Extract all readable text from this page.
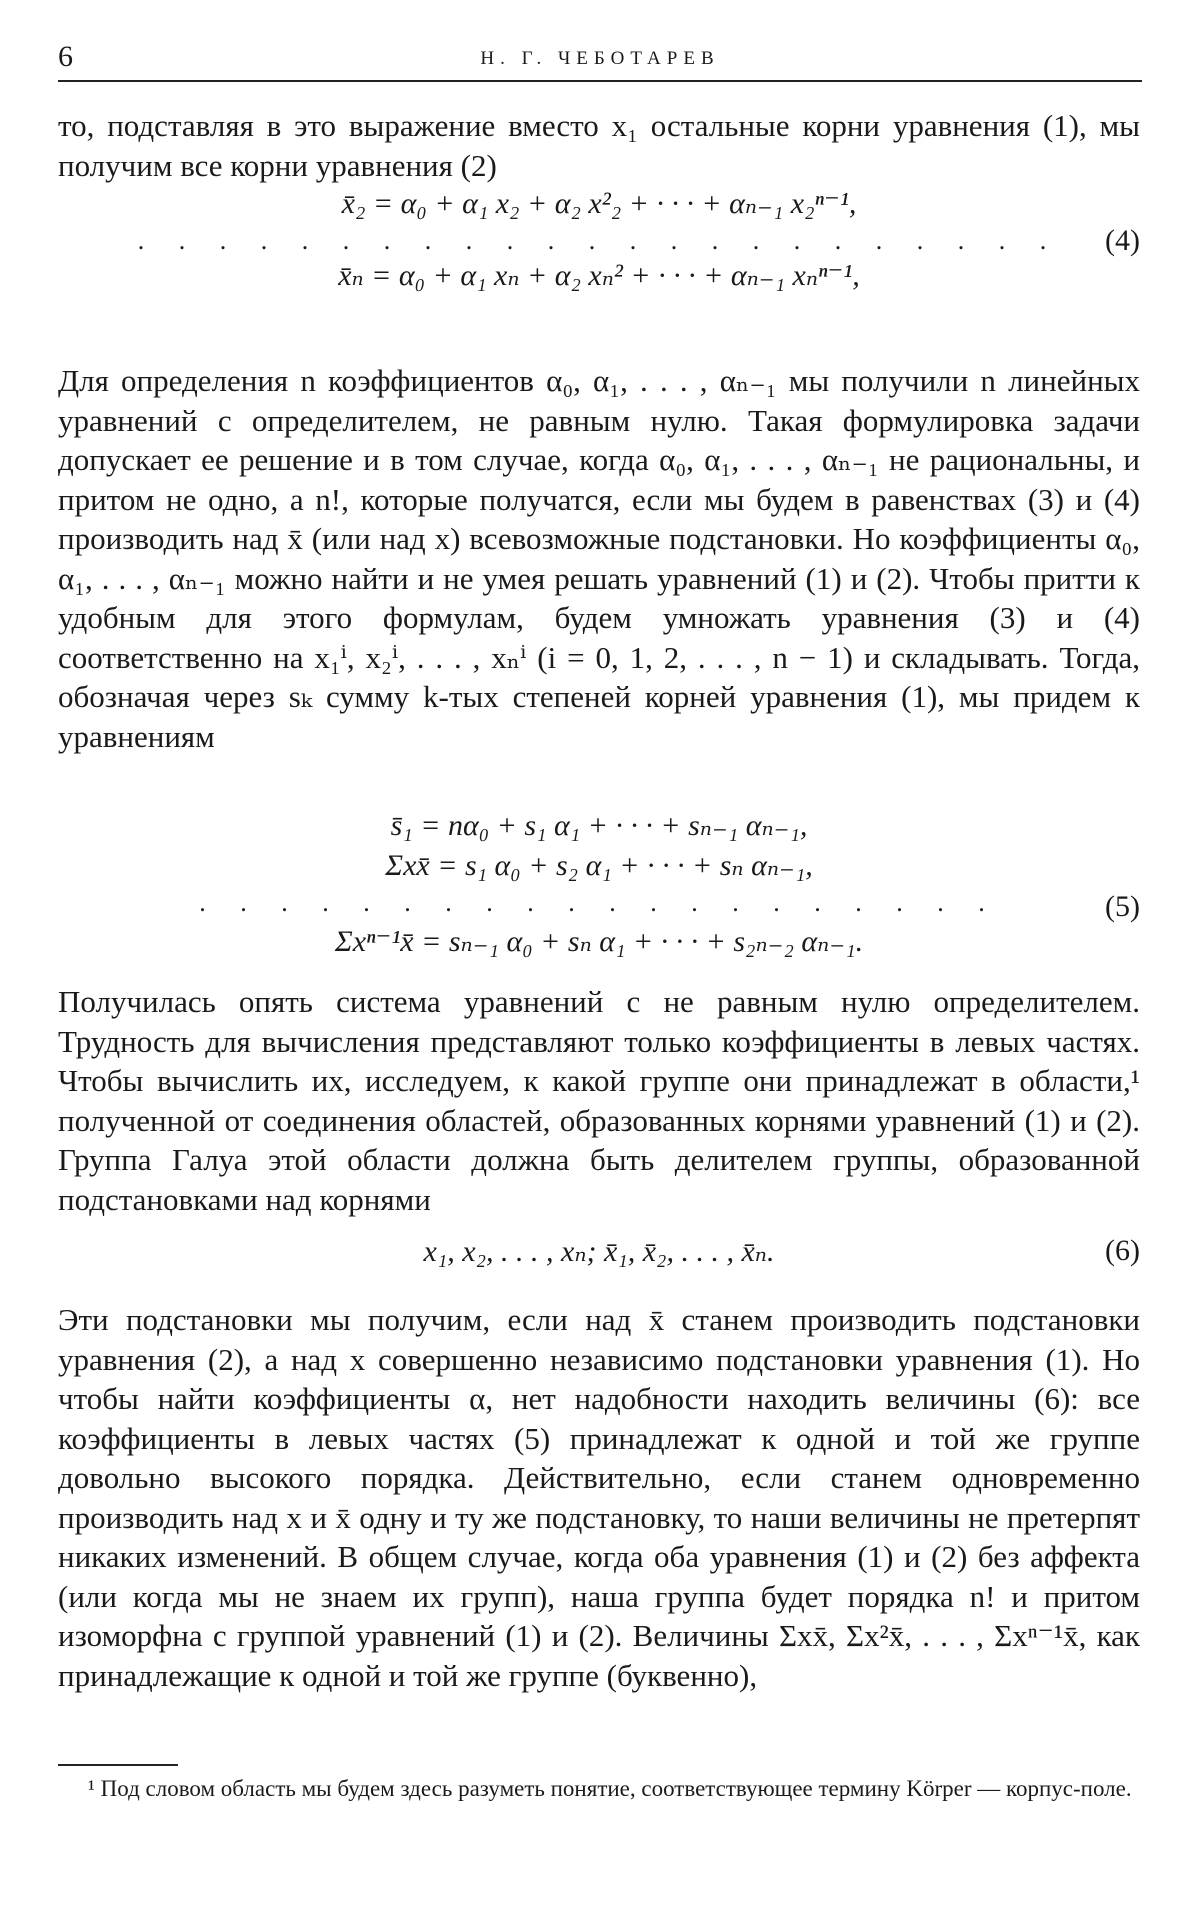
6	Н. Г. ЧЕБОТАРЕВ

то, подставляя в это выражение вместо x₁ остальные корни уравнения (1), мы получим все корни уравнения (2)

x̄₂ = α₀ + α₁ x₂ + α₂ x²₂ + · · · + αₙ₋₁ x₂ⁿ⁻¹,
. . . . . . . . . . . . . . . . . . . . . . .
x̄ₙ = α₀ + α₁ xₙ + α₂ xₙ² + · · · + αₙ₋₁ xₙⁿ⁻¹,
(4)

Для определения n коэффициентов α₀, α₁, . . . , αₙ₋₁ мы получили n линейных уравнений с определителем, не равным нулю. Такая формулировка задачи допускает ее решение и в том случае, когда α₀, α₁, . . . , αₙ₋₁ не рациональны, и притом не одно, а n!, которые получатся, если мы будем в равенствах (3) и (4) производить над x̄ (или над x) всевозможные подстановки. Но коэффициенты α₀, α₁, . . . , αₙ₋₁ можно найти и не умея решать уравнений (1) и (2). Чтобы притти к удобным для этого формулам, будем умножать уравнения (3) и (4) соответственно на x₁ⁱ, x₂ⁱ, . . . , xₙⁱ (i = 0, 1, 2, . . . , n − 1) и складывать. Тогда, обозначая через sₖ сумму k-тых степеней корней уравнения (1), мы придем к уравнениям

s̄₁ = nα₀ + s₁ α₁ + · · · + sₙ₋₁ αₙ₋₁,
Σxx̄ = s₁ α₀ + s₂ α₁ + · · · + sₙ αₙ₋₁,
. . . . . . . . . . . . . . . . . . . .
Σxⁿ⁻¹x̄ = sₙ₋₁ α₀ + sₙ α₁ + · · · + s₂ₙ₋₂ αₙ₋₁.
(5)

Получилась опять система уравнений с не равным нулю определителем. Трудность для вычисления представляют только коэффициенты в левых частях. Чтобы вычислить их, исследуем, к какой группе они принадлежат в области,¹ полученной от соединения областей, образованных корнями уравнений (1) и (2). Группа Галуа этой области должна быть делителем группы, образованной подстановками над корнями

x₁, x₂, . . . , xₙ; x̄₁, x̄₂, . . . , x̄ₙ.	(6)

Эти подстановки мы получим, если над x̄ станем производить подстановки уравнения (2), а над x совершенно независимо подстановки уравнения (1). Но чтобы найти коэффициенты α, нет надобности находить величины (6): все коэффициенты в левых частях (5) принадлежат к одной и той же группе довольно высокого порядка. Действительно, если станем одновременно производить над x и x̄ одну и ту же подстановку, то наши величины не претерпят никаких изменений. В общем случае, когда оба уравнения (1) и (2) без аффекта (или когда мы не знаем их групп), наша группа будет порядка n! и притом изоморфна с группой уравнений (1) и (2). Величины Σxx̄, Σx²x̄, . . . , Σxⁿ⁻¹x̄, как принадлежащие к одной и той же группе (буквенно),

¹ Под словом область мы будем здесь разуметь понятие, соответствующее термину Körper — корпус-поле.
